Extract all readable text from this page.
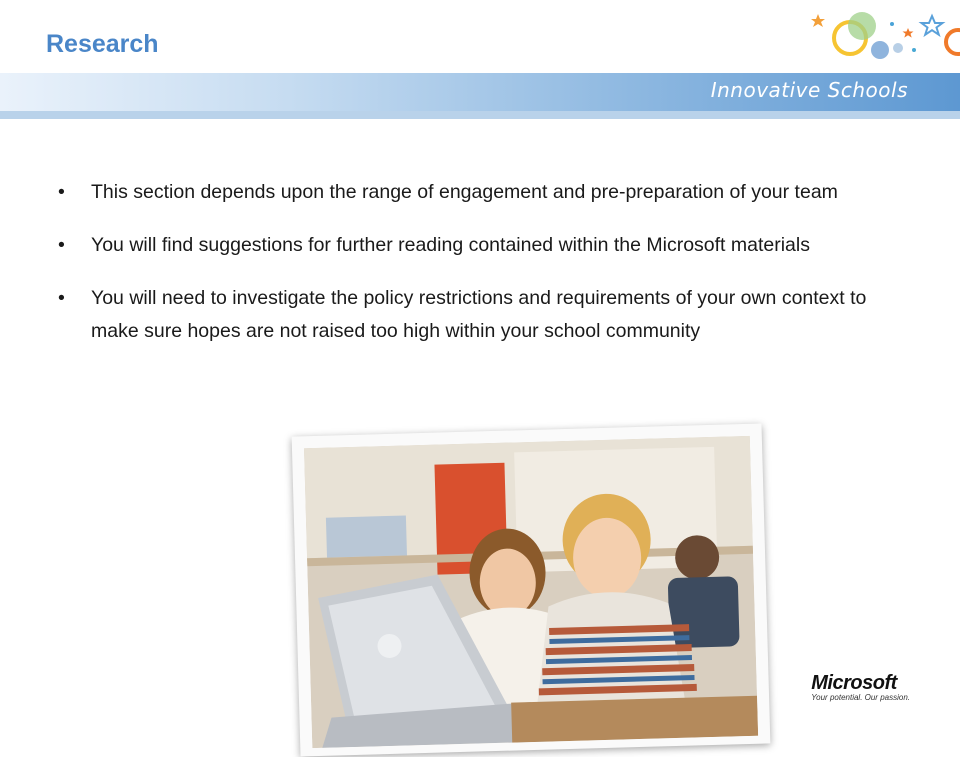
Research
Innovative Schools
• This section depends upon the range of engagement and pre-preparation of your team
• You will find suggestions for further reading contained within the Microsoft materials
• You will need to investigate the policy restrictions and requirements of your own context to make sure hopes are not raised too high within your school community
Microsoft
Your potential. Our passion.
